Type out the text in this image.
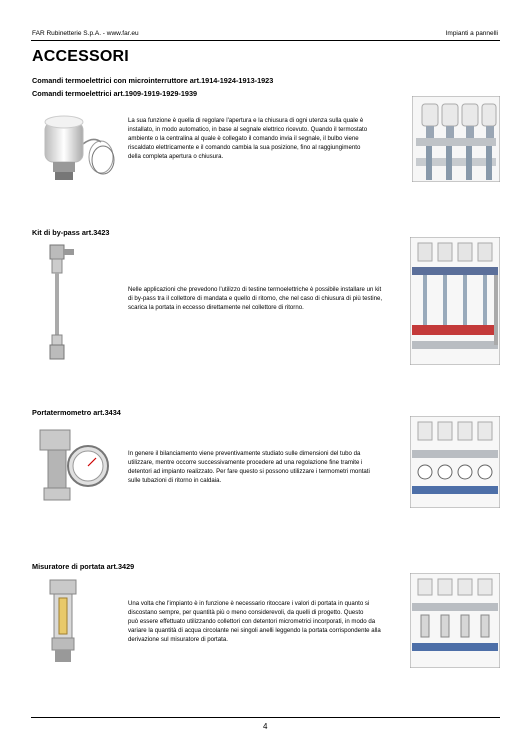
FAR Rubinetterie S.p.A. - www.far.eu	Impianti a pannelli
ACCESSORI
Comandi termoelettrici con microinterruttore art.1914-1924-1913-1923
Comandi termoelettrici art.1909-1919-1929-1939
La sua funzione è quella di regolare l'apertura e la chiusura di ogni utenza sulla quale è
installato, in modo automatico, in base al segnale elettrico ricevuto. Quando il termostato
ambiente o la centralina al quale è collegato il comando invia il segnale, il bulbo viene
riscaldato elettricamente e il comando cambia la sua posizione, fino al raggiungimento
della completa apertura o chiusura.
Kit di by-pass art.3423
Nelle applicazioni che prevedono l'utilizzo di testine termoelettriche è possibile installare un kit
di by-pass tra il collettore di mandata e quello di ritorno, che nel caso di chiusura di più testine,
scarica la portata in eccesso direttamente nel collettore di ritorno.
Portatermometro art.3434
In genere il bilanciamento viene preventivamente studiato sulle dimensioni del tubo da
utilizzare, mentre occorre successivamente procedere ad una regolazione fine tramite i
detentori ad impianto realizzato. Per fare questo si possono utilizzare i termometri montati
sulle tubazioni di ritorno in caldaia.
Misuratore di portata art.3429
Una volta che l'impianto è in funzione è necessario ritoccare i valori di portata in quanto si
discostano sempre, per quantità più o meno considerevoli, da quelli di progetto. Questo
può essere effettuato utilizzando collettori con detentori micrometrici incorporati, in modo da
variare la quantità di acqua circolante nei singoli anelli leggendo la portata corrispondente alla
derivazione sul misuratore di portata.
4
